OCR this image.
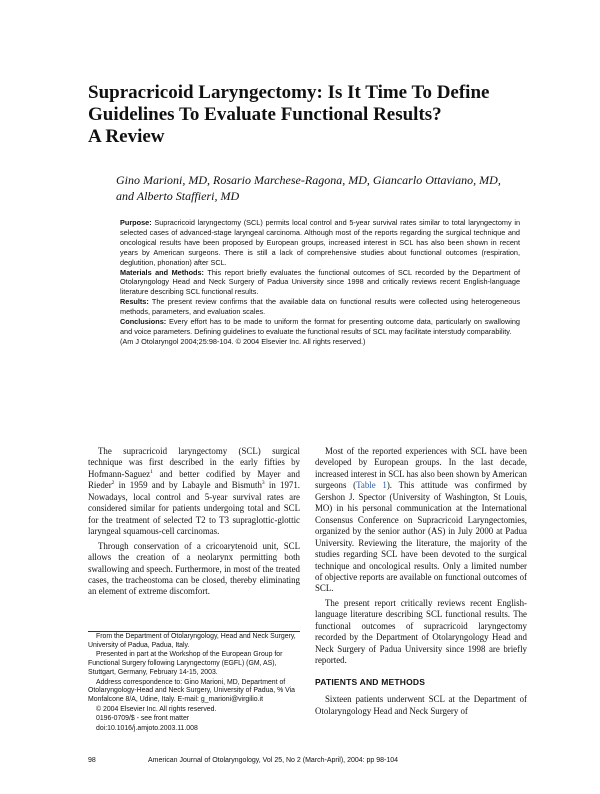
Supracricoid Laryngectomy: Is It Time To Define
Guidelines To Evaluate Functional Results?
A Review
Gino Marioni, MD, Rosario Marchese-Ragona, MD, Giancarlo Ottaviano, MD,
and Alberto Staffieri, MD

Purpose: Supracricoid laryngectomy (SCL) permits local control and 5-year survival rates similar to total laryngectomy in selected cases of advanced-stage laryngeal carcinoma. Although most of the reports regarding the surgical technique and oncological results have been proposed by European groups, increased interest in SCL has also been shown in recent years by American surgeons. There is still a lack of comprehensive studies about functional outcomes (respiration, deglutition, phonation) after SCL.

Materials and Methods: This report briefly evaluates the functional outcomes of SCL recorded by the Department of Otolaryngology Head and Neck Surgery of Padua University since 1998 and critically reviews recent English-language literature describing SCL functional results.

Results: The present review confirms that the available data on functional results were collected using heterogeneous methods, parameters, and evaluation scales.

Conclusions: Every effort has to be made to uniform the format for presenting outcome data, particularly on swallowing and voice parameters. Defining guidelines to evaluate the functional results of SCL may facilitate interstudy comparability.

(Am J Otolaryngol 2004;25:98-104. © 2004 Elsevier Inc. All rights reserved.)

The supracricoid laryngectomy (SCL) surgical technique was first described in the early fifties by Hofmann-Saguez$^1$ and better codified by Mayer and Rieder$^2$ in 1959 and by Labayle and Bismuth$^3$ in 1971. Nowadays, local control and 5-year survival rates are considered similar for patients undergoing total and SCL for the treatment of selected T2 to T3 supraglottic-glottic laryngeal squamous-cell carcinomas.

Through conservation of a cricoarytenoid unit, SCL allows the creation of a neolarynx permitting both swallowing and speech. Furthermore, in most of the treated cases, the tracheostoma can be closed, thereby eliminating an element of extreme discomfort.

Most of the reported experiences with SCL have been developed by European groups. In the last decade, increased interest in SCL has also been shown by American surgeons (Table 1). This attitude was confirmed by Gershon J. Spector (University of Washington, St Louis, MO) in his personal communication at the International Consensus Conference on Supracricoid Laryngectomies, organized by the senior author (AS) in July 2000 at Padua University. Reviewing the literature, the majority of the studies regarding SCL have been devoted to the surgical technique and oncological results. Only a limited number of objective reports are available on functional outcomes of SCL.

The present report critically reviews recent English-language literature describing SCL functional results. The functional outcomes of supracricoid laryngectomy recorded by the Department of Otolaryngology Head and Neck Surgery of Padua University since 1998 are briefly reported.

PATIENTS AND METHODS

Sixteen patients underwent SCL at the Department of Otolaryngology Head and Neck Surgery of

From the Department of Otolaryngology, Head and Neck Surgery, University of Padua, Padua, Italy.

Presented in part at the Workshop of the European Group for Functional Surgery following Laryngectomy (EGFL) (GM, AS), Stuttgart, Germany, February 14-15, 2003.

Address correspondence to: Gino Marioni, MD, Department of Otolaryngology-Head and Neck Surgery, University of Padua, % Via Monfalcone 8/A, Udine, Italy. E-mail: g_marioni@virgilio.it

© 2004 Elsevier Inc. All rights reserved.

0196-0709/$ - see front matter

doi:10.1016/j.amjoto.2003.11.008

98	American Journal of Otolaryngology, Vol 25, No 2 (March-April), 2004: pp 98-104
